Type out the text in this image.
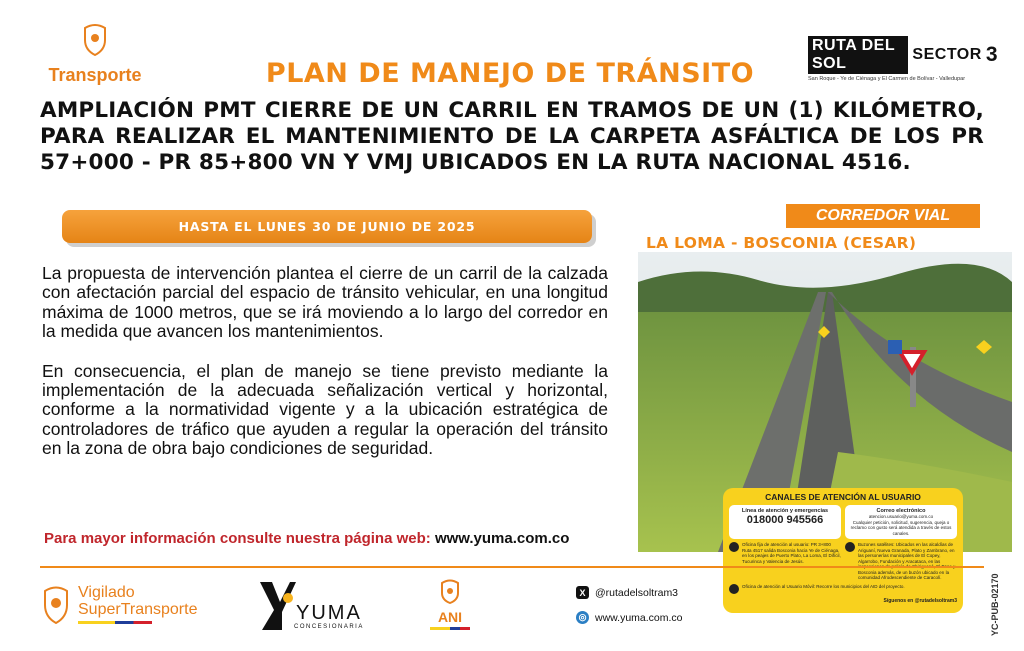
Transporte	PLAN DE MANEJO DE TRÁNSITO
RUTA DEL SOL
SECTOR 3
San Roque - Ye de Ciénaga y El Carmen de Bolívar - Valledupar
AMPLIACIÓN PMT CIERRE DE UN CARRIL EN TRAMOS DE UN (1) KILÓMETRO, PARA REALIZAR EL MANTENIMIENTO DE LA CARPETA ASFÁLTICA DE LOS PR 57+000 - PR 85+800 VN Y VMJ UBICADOS EN LA RUTA NACIONAL 4516.
HASTA EL LUNES 30 DE JUNIO DE 2025

La propuesta de intervención plantea el cierre de un carril de la calzada con afectación parcial del espacio de tránsito vehicular, en una longitud máxima de 1000 metros, que se irá moviendo a lo largo del corredor en la medida que avancen los mantenimientos.

En consecuencia, el plan de manejo se tiene previsto mediante la implementación de la adecuada señalización vertical y horizontal, conforme a la normatividad vigente y a la ubicación estratégica de controladores de tráfico que ayuden a regular la operación del tránsito en la zona de obra bajo condiciones de seguridad.

Para mayor información consulte nuestra página web: www.yuma.com.co
CORREDOR VIAL
LA LOMA - BOSCONIA (CESAR)
CANALES DE ATENCIÓN AL USUARIO
Línea de atención y emergencias
018000 945566
Correo electrónico
atencion.usuario@yuma.com.co
Cualquier petición, solicitud, sugerencia, queja o reclamo con gusto será atendida a través de estos canales.
Oficina fija de atención al usuario: PR 3+800 Ruta 4517 salida Bosconia hacia Ye de Ciénaga, en los peajes de Puerto Plato, La Loma, El Difícil, Tucurinca y Valencia de Jesús.
Buzones satélites: Ubicados en las alcaldías de Ariguaní, Nueva Granada, Plato y Zambrano, en las personerías municipales de El Copey, Algarrobo, Fundación y Aracataca, en las Bosconia además, de un buzón ubicado en la comunidad Afrodescendiente de Caracolí.
Oficina de atención al Usuario Móvil: Recorre los municipios del AID del proyecto.
Síguenos en @rutadelsoltram3
Vigilado
SuperTransporte	YUMA
CONCESIONARIA
ANI
X @rutadelsoltram3
◎ www.yuma.com.co	YC-PUB-02170
